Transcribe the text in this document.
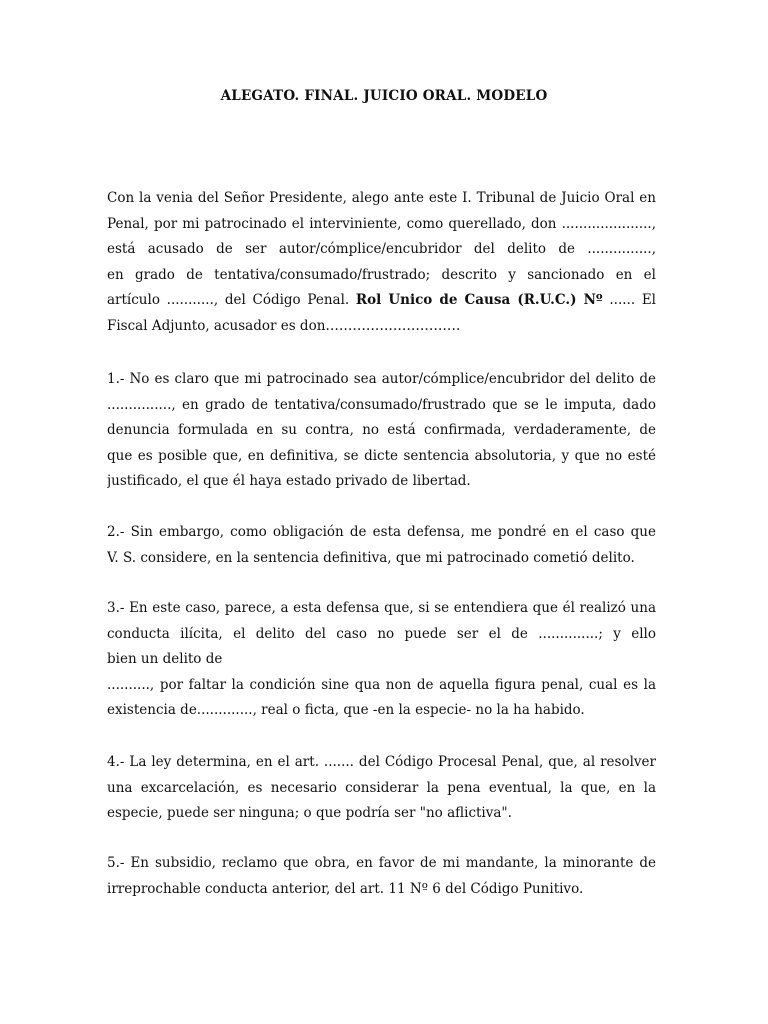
ALEGATO. FINAL. JUICIO ORAL. MODELO
Con la venia del Señor Presidente, alego ante este I. Tribunal de Juicio Oral en
Penal, por mi patrocinado el interviniente, como querellado, don .....................,
está acusado de ser autor/cómplice/encubridor del delito de ...............,
en grado de tentativa/consumado/frustrado; descrito y sancionado en el
artículo ..........., del Código Penal. Rol Unico de Causa (R.U.C.) Nº ...... El
Fiscal Adjunto, acusador es don…………………………
1.- No es claro que mi patrocinado sea autor/cómplice/encubridor del delito de
..............., en grado de tentativa/consumado/frustrado que se le imputa, dado
denuncia formulada en su contra, no está confirmada, verdaderamente, de
que es posible que, en definitiva, se dicte sentencia absolutoria, y que no esté
justificado, el que él haya estado privado de libertad.
2.- Sin embargo, como obligación de esta defensa, me pondré en el caso que
V. S. considere, en la sentencia definitiva, que mi patrocinado cometió delito.
3.- En este caso, parece, a esta defensa que, si se entendiera que él realizó una
conducta ilícita, el delito del caso no puede ser el de ..............; y ello
bien un delito de
.........., por faltar la condición sine qua non de aquella figura penal, cual es la
existencia de............., real o ficta, que -en la especie- no la ha habido.
4.- La ley determina, en el art. ....... del Código Procesal Penal, que, al resolver
una excarcelación, es necesario considerar la pena eventual, la que, en la
especie, puede ser ninguna; o que podría ser "no aflictiva".
5.- En subsidio, reclamo que obra, en favor de mi mandante, la minorante de
irreprochable conducta anterior, del art. 11 Nº 6 del Código Punitivo.
